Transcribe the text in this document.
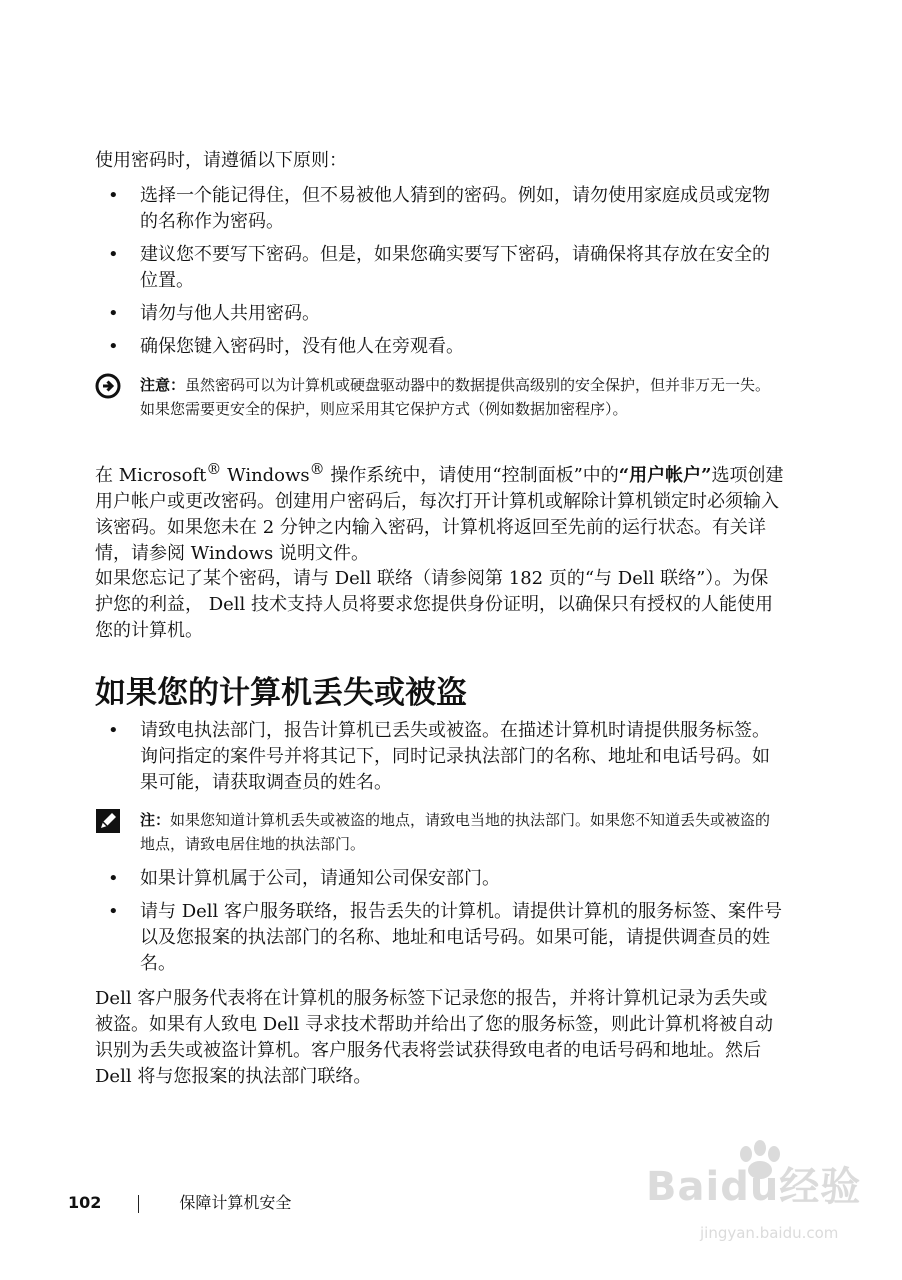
使用密码时，请遵循以下原则：

• 选择一个能记得住，但不易被他人猜到的密码。例如，请勿使用家庭成员或宠物的名称作为密码。
• 建议您不要写下密码。但是，如果您确实要写下密码，请确保将其存放在安全的位置。
• 请勿与他人共用密码。
• 确保您键入密码时，没有他人在旁观看。
注意：虽然密码可以为计算机或硬盘驱动器中的数据提供高级别的安全保护，但并非万无一失。如果您需要更安全的保护，则应采用其它保护方式（例如数据加密程序）。

在 Microsoft® Windows® 操作系统中，请使用“控制面板”中的“用户帐户”选项创建用户帐户或更改密码。创建用户密码后，每次打开计算机或解除计算机锁定时必须输入该密码。如果您未在 2 分钟之内输入密码，计算机将返回至先前的运行状态。有关详情，请参阅 Windows 说明文件。

如果您忘记了某个密码，请与 Dell 联络（请参阅第 182 页的“与 Dell 联络”）。为保护您的利益， Dell 技术支持人员将要求您提供身份证明，以确保只有授权的人能使用您的计算机。

如果您的计算机丢失或被盗
• 请致电执法部门，报告计算机已丢失或被盗。在描述计算机时请提供服务标签。询问指定的案件号并将其记下，同时记录执法部门的名称、地址和电话号码。如果可能，请获取调查员的姓名。
注：如果您知道计算机丢失或被盗的地点，请致电当地的执法部门。如果您不知道丢失或被盗的地点，请致电居住地的执法部门。
• 如果计算机属于公司，请通知公司保安部门。
• 请与 Dell 客户服务联络，报告丢失的计算机。请提供计算机的服务标签、案件号以及您报案的执法部门的名称、地址和电话号码。如果可能，请提供调查员的姓名。

Dell 客户服务代表将在计算机的服务标签下记录您的报告，并将计算机记录为丢失或被盗。如果有人致电 Dell 寻求技术帮助并给出了您的服务标签，则此计算机将被自动识别为丢失或被盗计算机。客户服务代表将尝试获得致电者的电话号码和地址。然后 Dell 将与您报案的执法部门联络。

102	保障计算机安全	Baidu经验
jingyan.baidu.com
